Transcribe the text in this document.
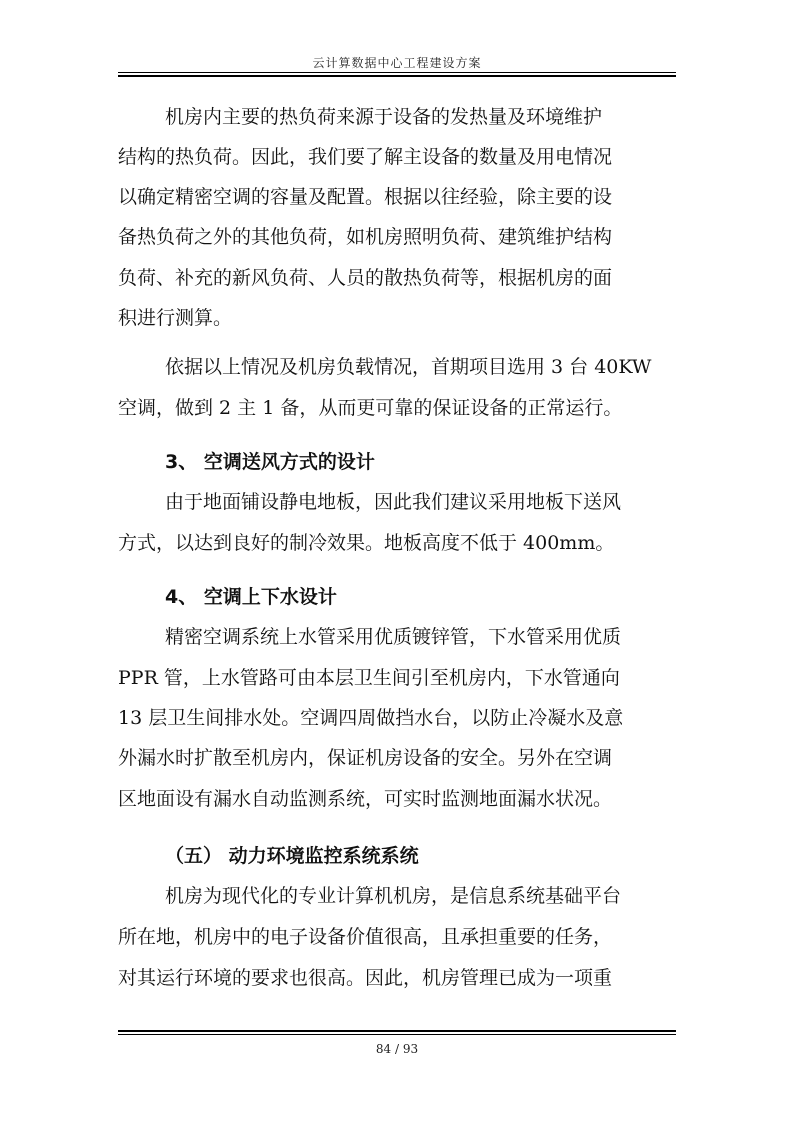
云计算数据中心工程建设方案
机房内主要的热负荷来源于设备的发热量及环境维护
结构的热负荷。因此，我们要了解主设备的数量及用电情况
以确定精密空调的容量及配置。根据以往经验，除主要的设
备热负荷之外的其他负荷，如机房照明负荷、建筑维护结构
负荷、补充的新风负荷、人员的散热负荷等，根据机房的面
积进行测算。
依据以上情况及机房负载情况，首期项目选用 3 台 40KW
空调，做到 2 主 1 备，从而更可靠的保证设备的正常运行。
3、 空调送风方式的设计
由于地面铺设静电地板，因此我们建议采用地板下送风
方式，以达到良好的制冷效果。地板高度不低于 400mm。
4、 空调上下水设计
精密空调系统上水管采用优质镀锌管，下水管采用优质
PPR 管，上水管路可由本层卫生间引至机房内，下水管通向
13 层卫生间排水处。空调四周做挡水台，以防止冷凝水及意
外漏水时扩散至机房内，保证机房设备的安全。另外在空调
区地面设有漏水自动监测系统，可实时监测地面漏水状况。
（五） 动力环境监控系统系统
机房为现代化的专业计算机机房，是信息系统基础平台
所在地，机房中的电子设备价值很高，且承担重要的任务，
对其运行环境的要求也很高。因此，机房管理已成为一项重
84 / 93
